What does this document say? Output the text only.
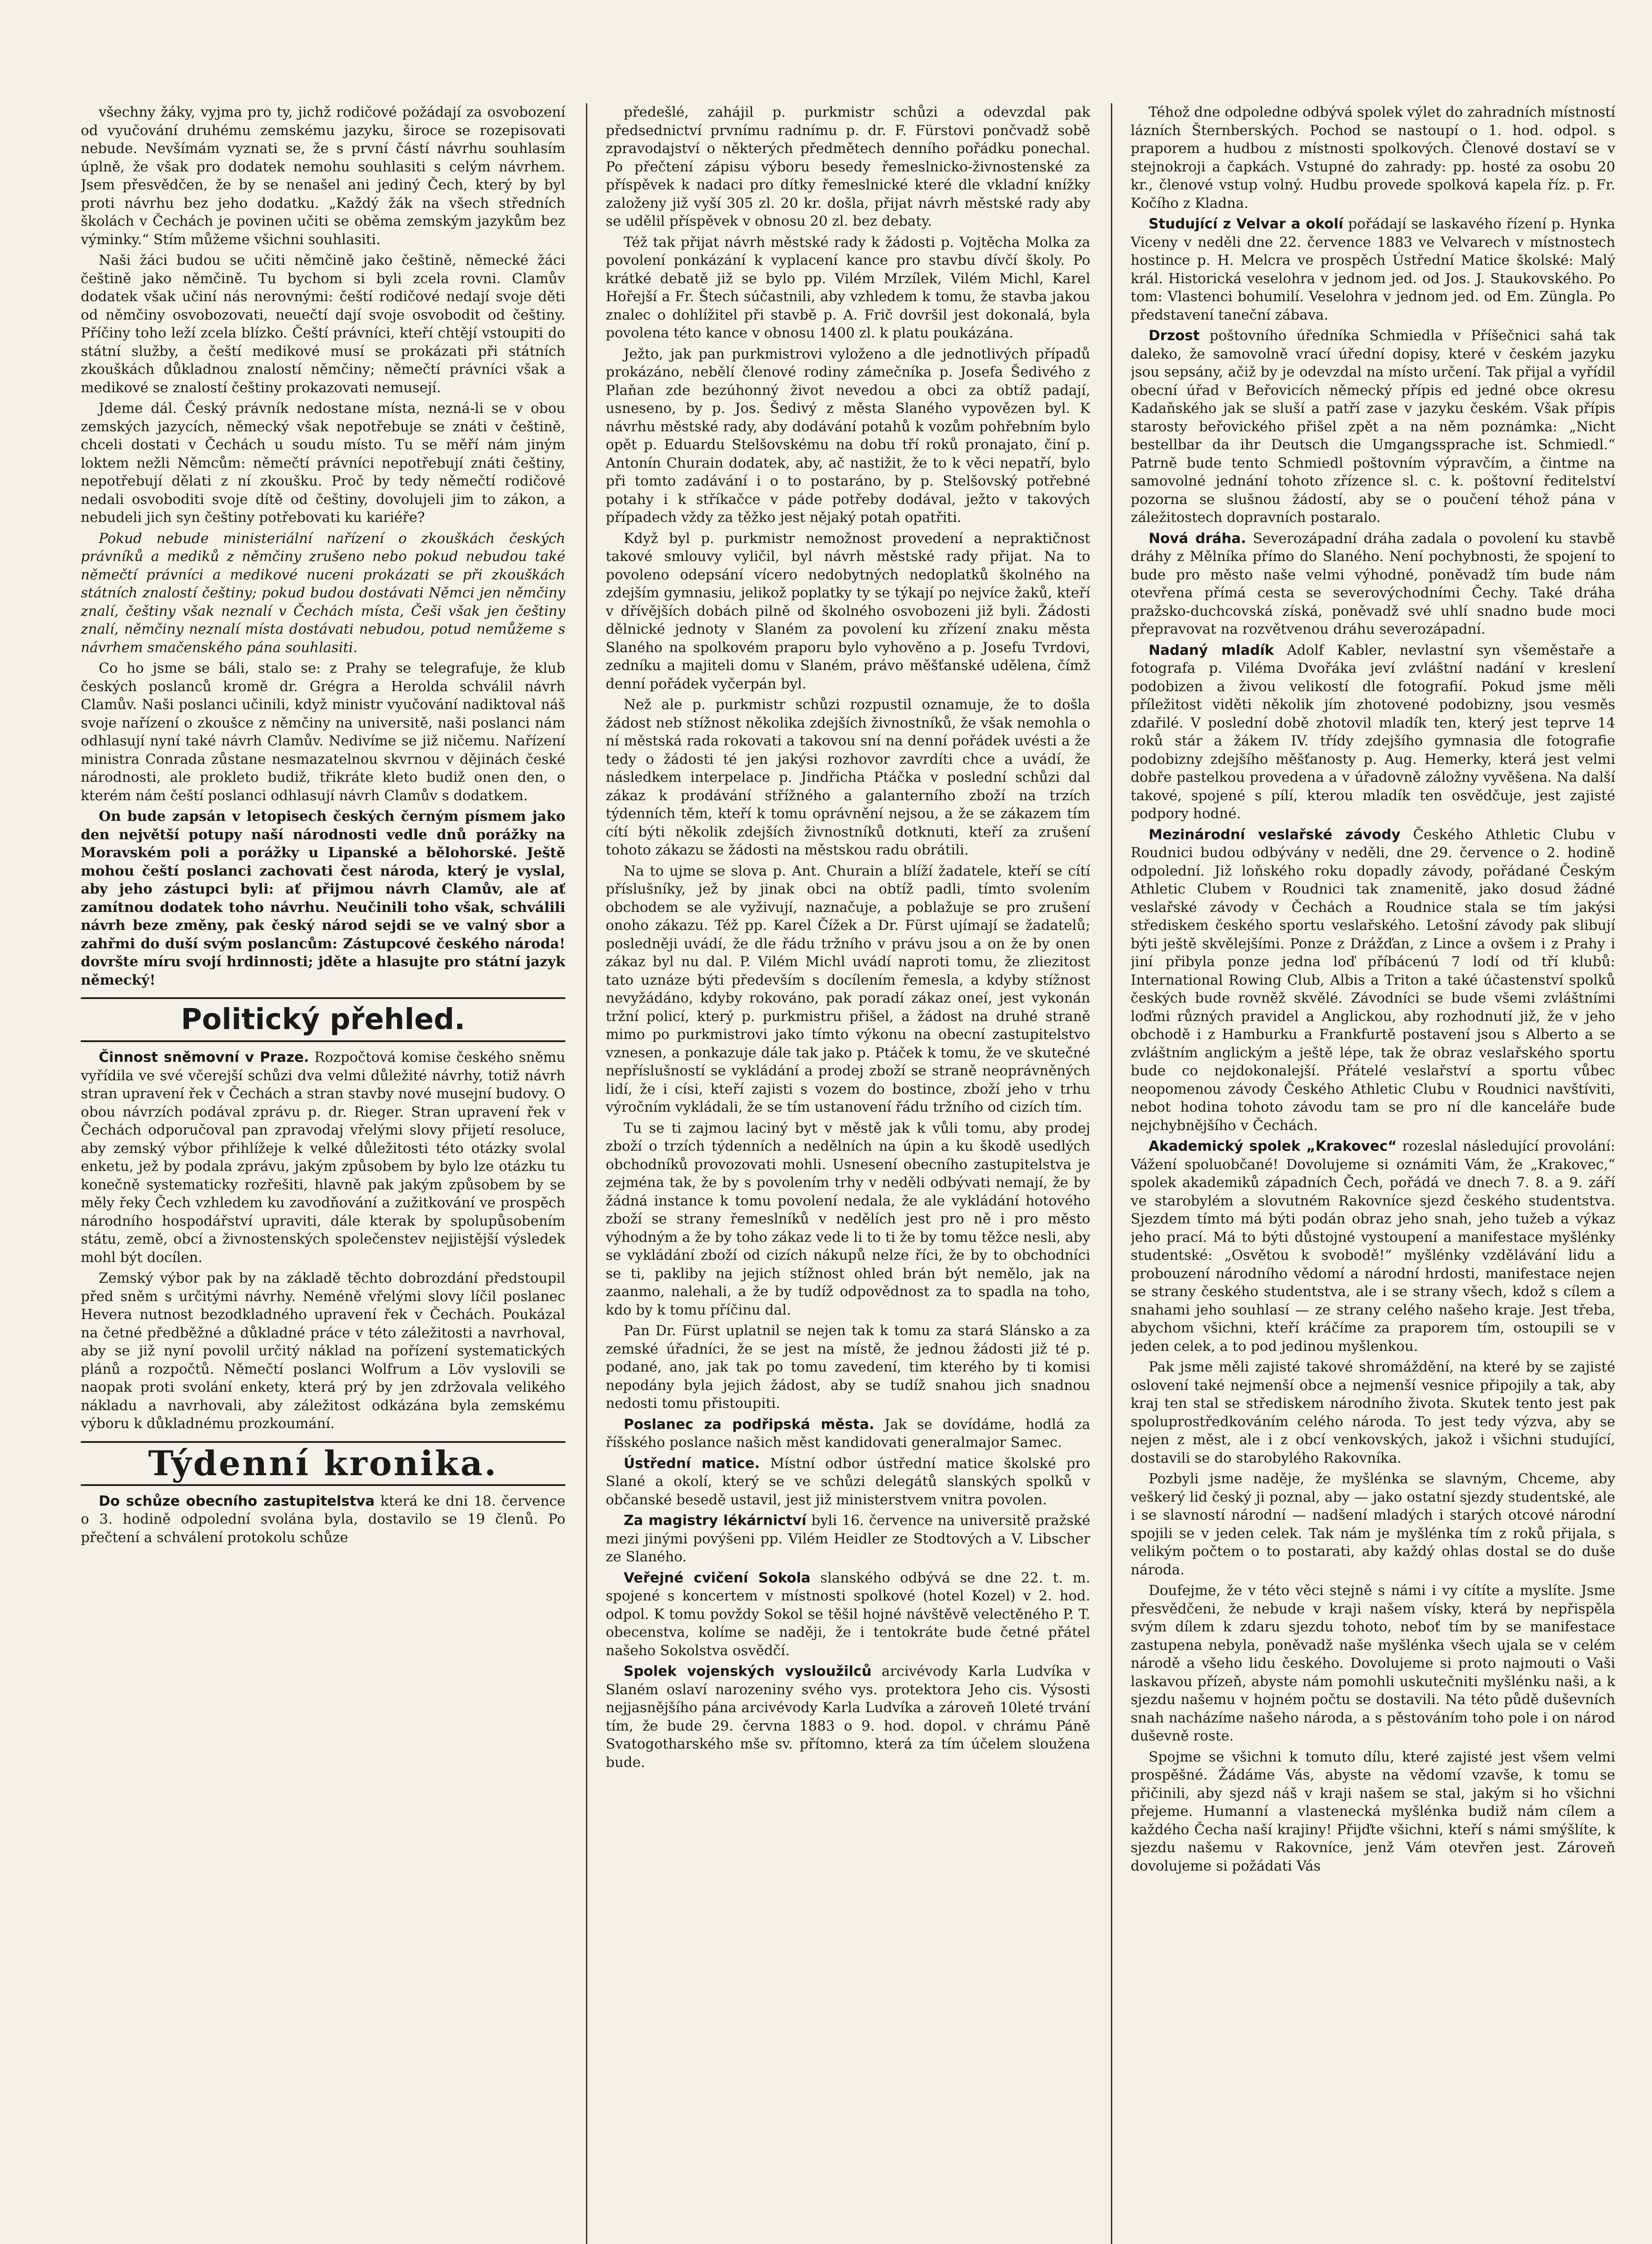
všechny žáky, vyjma pro ty, jichž rodičové požádají za osvobození od vyučování druhému zemskému jazyku, široce se rozepisovati nebude. Nevšímám vyznati se, že s první částí návrhu souhlasím úplně, že však pro dodatek nemohu souhlasiti s celým návrhem. Jsem přesvědčen, že by se nenašel ani jediný Čech, který by byl proti návrhu bez jeho dodatku. „Každý žák na všech středních školách v Čechách je povinen učiti se oběma zemským jazykům bez výminky.“ Stím můžeme všichni souhlasiti.

Naši žáci budou se učiti němčině jako češtině, německé žáci češtině jako němčině. Tu bychom si byli zcela rovni. Clamův dodatek však učiní nás nerovnými: čeští rodičové nedají svoje děti od němčiny osvobozovati, neuečtí dají svoje osvobodit od češtiny. Příčiny toho leží zcela blízko. Čeští právníci, kteří chtějí vstoupiti do státní služby, a čeští medikové musí se prokázati při státních zkouškách důkladnou znalostí němčiny; němečtí právníci však a medikové se znalostí češtiny prokazovati nemusejí.

Jdeme dál. Český právník nedostane místa, nezná-li se v obou zemských jazycích, německý však nepotřebuje se znáti v češtině, chceli dostati v Čechách u soudu místo. Tu se měří nám jiným loktem nežli Němcům: němečtí právníci nepotřebují znáti češtiny, nepotřebují dělati z ní zkoušku. Proč by tedy němečtí rodičové nedali osvoboditi svoje dítě od češtiny, dovolujeli jim to zákon, a nebudeli jich syn češtiny potřebovati ku kariéře?

Pokud nebude ministeriální nařízení o zkouškách českých právníků a mediků z němčiny zrušeno nebo pokud nebudou také němečtí právníci a medikové nuceni prokázati se při zkouškách státních znalostí češtiny; pokud budou dostávati Němci jen němčiny znalí, češtiny však neznalí v Čechách místa, Češi však jen češtiny znalí, němčiny neznalí místa dostávati nebudou, potud nemůžeme s návrhem smačenského pána souhlasiti.

Co ho jsme se báli, stalo se: z Prahy se telegrafuje, že klub českých poslanců kromě dr. Grégra a Herolda schválil návrh Clamův. Naši poslanci učinili, když ministr vyučování nadiktoval náš svoje nařízení o zkoušce z němčiny na universitě, naši poslanci nám odhlasují nyní také návrh Clamův. Nedivíme se již ničemu. Nařízení ministra Conrada zůstane nesmazatelnou skvrnou v dějinách české národnosti, ale prokleto budiž, třikráte kleto budiž onen den, o kterém nám čeští poslanci odhlasují návrh Clamův s dodatkem.

On bude zapsán v letopisech českých černým písmem jako den největší potupy naší národnosti vedle dnů porážky na Moravském poli a porážky u Lipanské a bělohorské. Ještě mohou čeští poslanci zachovati čest národa, který je vyslal, aby jeho zástupci byli: ať přijmou návrh Clamův, ale ať zamítnou dodatek toho návrhu. Neučinili toho však, schválili návrh beze změny, pak český národ sejdi se ve valný sbor a zahřmi do duší svým poslancům: Zástupcové českého národa! dovršte míru svojí hrdinnosti; jděte a hlasujte pro státní jazyk německý!

Politický přehled.

Činnost sněmovní v Praze. Rozpočtová komise českého sněmu vyřídila ve své včerejší schůzi dva velmi důležité návrhy, totiž návrh stran upravení řek v Čechách a stran stavby nové musejní budovy. O obou návrzích podával zprávu p. dr. Rieger. Stran upravení řek v Čechách odporučoval pan zpravodaj vřelými slovy přijetí resoluce, aby zemský výbor přihlížeje k velké důležitosti této otázky svolal enketu, jež by podala zprávu, jakým způsobem by bylo lze otázku tu konečně systematicky rozřešiti, hlavně pak jakým způsobem by se měly řeky Čech vzhledem ku zavodňování a zužitkování ve prospěch národního hospodářství upraviti, dále kterak by spolupůsobením státu, země, obcí a živnostenských společenstev nejjistější výsledek mohl být docílen.

Zemský výbor pak by na základě těchto dobrozdání předstoupil před sněm s určitými návrhy. Neméně vřelými slovy líčil poslanec Hevera nutnost bezodkladného upravení řek v Čechách. Poukázal na četné předběžné a důkladné práce v této záležitosti a navrhoval, aby se již nyní povolil určitý náklad na pořízení systematických plánů a rozpočtů. Němečtí poslanci Wolfrum a Löv vyslovili se naopak proti svolání enkety, která prý by jen zdržovala velikého nákladu a navrhovali, aby záležitost odkázána byla zemskému výboru k důkladnému prozkoumání.

Týdenní kronika.

Do schůze obecního zastupitelstva která ke dni 18. července o 3. hodině odpolední svolána byla, dostavilo se 19 členů. Po přečtení a schválení protokolu schůze

předešlé, zahájil p. purkmistr schůzi a odevzdal pak předsednictví prvnímu radnímu p. dr. F. Fürstovi pončvadž sobě zpravodajství o některých předmětech denního pořádku ponechal. Po přečtení zápisu výboru besedy řemeslnicko-živnostenské za příspěvek k nadaci pro dítky řemeslnické které dle vkladní knížky založeny již vyší 305 zl. 20 kr. došla, přijat návrh městské rady aby se udělil příspěvek v obnosu 20 zl. bez debaty.

Též tak přijat návrh městské rady k žádosti p. Vojtěcha Molka za povolení ponkázání k vyplacení kance pro stavbu dívčí školy. Po krátké debatě již se bylo pp. Vilém Mrzílek, Vilém Michl, Karel Hořejší a Fr. Štech súčastnili, aby vzhledem k tomu, že stavba jakou znalec o dohlížitel při stavbě p. A. Frič dovršil jest dokonalá, byla povolena této kance v obnosu 1400 zl. k platu poukázána.

Ježto, jak pan purkmistrovi vyloženo a dle jednotlivých případů prokázáno, nebělí členové rodiny zámečníka p. Josefa Šedivého z Plaňan zde bezúhonný život nevedou a obci za obtíž padají, usneseno, by p. Jos. Šedivý z města Slaného vypovězen byl. K návrhu městské rady, aby dodávání potahů k vozům pohřebním bylo opět p. Eduardu Stelšovskému na dobu tří roků pronajato, činí p. Antonín Churain dodatek, aby, ač nastižit, že to k věci nepatří, bylo při tomto zadávání i o to postaráno, by p. Stelšovský potřebné potahy i k stříkačce v páde potřeby dodával, ježto v takových případech vždy za těžko jest nějaký potah opatřiti.

Když byl p. purkmistr nemožnost provedení a nepraktičnost takové smlouvy vyličil, byl návrh městské rady přijat. Na to povoleno odepsání vícero nedobytných nedoplatků školného na zdejším gymnasiu, jelikož poplatky ty se týkají po nejvíce žaků, kteří v dřívějších dobách pilně od školného osvobozeni již byli. Žádosti dělnické jednoty v Slaném za povolení ku zřízení znaku města Slaného na spolkovém praporu bylo vyhověno a p. Josefu Tvrdovi, zedníku a majiteli domu v Slaném, právo měšťanské udělena, čímž denní pořádek vyčerpán byl.

Než ale p. purkmistr schůzi rozpustil oznamuje, že to došla žádost neb stížnost několika zdejších živnostníků, že však nemohla o ní městská rada rokovati a takovou sní na denní pořádek uvésti a že tedy o žádosti té jen jakýsi rozhovor zavrdíti chce a uvádí, že následkem interpelace p. Jindřicha Ptáčka v poslední schůzi dal zákaz k prodávání střížného a galanterního zboží na trzích týdenních těm, kteří k tomu oprávnění nejsou, a že se zákazem tím cítí býti několik zdejších živnostníků dotknuti, kteří za zrušení tohoto zákazu se žádosti na městskou radu obrátili.

Na to ujme se slova p. Ant. Churain a blíží žadatele, kteří se cítí příslušníky, jež by jinak obci na obtíž padli, tímto svolením obchodem se ale vyživují, naznačuje, a poblažuje se pro zrušení onoho zákazu. Též pp. Karel Čížek a Dr. Fürst ujímají se žadatelů; posledněji uvádí, že dle řádu tržního v právu jsou a on že by onen zákaz byl nu dal. P. Vilém Michl uvádí naproti tomu, že zliezitost tato uznáze býti především s docílením řemesla, a kdyby stížnost nevyžádáno, kdyby rokováno, pak poradí zákaz oneí, jest vykonán tržní policí, který p. purkmistru přišel, a žádost na druhé straně mimo po purkmistrovi jako tímto výkonu na obecní zastupitelstvo vznesen, a ponkazuje dále tak jako p. Ptáček k tomu, že ve skutečné nepříslušností se vykládání a prodej zboží se straně neoprávněných lidí, že i císi, kteří zajisti s vozem do bostince, zboží jeho v trhu výročním vykládali, že se tím ustanovení řádu tržního od cizích tím.

Tu se ti zajmou laciný byt v městě jak k vůli tomu, aby prodej zboží o trzích týdenních a nedělních na úpin a ku škodě usedlých obchodníků provozovati mohli. Usnesení obecního zastupitelstva je zejména tak, že by s povolením trhy v neděli odbývati nemají, že by žádná instance k tomu povolení nedala, že ale vykládání hotového zboží se strany řemeslníků v nedělích jest pro ně i pro město výhodným a že by toho zákaz vede li to ti že by tomu těžce nesli, aby se vykládání zboží od cizích nákupů nelze říci, že by to obchodníci se ti, pakliby na jejich stížnost ohled brán být nemělo, jak na zaanmo, nalehali, a že by tudíž odpovědnost za to spadla na toho, kdo by k tomu příčinu dal.

Pan Dr. Fürst uplatnil se nejen tak k tomu za stará Slánsko a za zemské úřadníci, že se jest na místě, že jednou žádosti již té p. podané, ano, jak tak po tomu zavedení, tim kterého by ti komisi nepodány byla jejich žádost, aby se tudíž snahou jich snadnou nedosti tomu přistoupiti.

Poslanec za podřipská města. Jak se dovídáme, hodlá za říšského poslance našich měst kandidovati generalmajor Samec.

Ústřední matice. Místní odbor ústřední matice školské pro Slané a okolí, který se ve schůzi delegátů slanských spolků v občanské besedě ustavil, jest již ministerstvem vnitra povolen.

Za magistry lékárnictví byli 16. července na universitě pražské mezi jinými povýšeni pp. Vilém Heidler ze Stodtových a V. Libscher ze Slaného.

Veřejné cvičení Sokola slanského odbývá se dne 22. t. m. spojené s koncertem v místnosti spolkové (hotel Kozel) v 2. hod. odpol. K tomu povždy Sokol se těšil hojné návštěvě velectěného P. T. obecenstva, kolíme se naději, že i tentokráte bude četné přátel našeho Sokolstva osvědčí.

Spolek vojenských vysloužilců arcivévody Karla Ludvíka v Slaném oslaví narozeniny svého vys. protektora Jeho cis. Výsosti nejjasnějšího pána arcivévody Karla Ludvíka a zároveň 10leté trvání tím, že bude 29. června 1883 o 9. hod. dopol. v chrámu Páně Svatogotharského mše sv. přítomno, která za tím účelem sloužena bude.

Téhož dne odpoledne odbývá spolek výlet do zahradních místností lázních Šternberských. Pochod se nastoupí o 1. hod. odpol. s praporem a hudbou z místnosti spolkových. Členové dostaví se v stejnokroji a čapkách. Vstupné do zahrady: pp. hosté za osobu 20 kr., členové vstup volný. Hudbu provede spolková kapela říz. p. Fr. Kočího z Kladna.

Studující z Velvar a okolí pořádají se laskavého řízení p. Hynka Viceny v neděli dne 22. července 1883 ve Velvarech v místnostech hostince p. H. Melcra ve prospěch Ústřední Matice školské: Malý král. Historická veselohra v jednom jed. od Jos. J. Staukovského. Po tom: Vlastenci bohumilí. Veselohra v jednom jed. od Em. Züngla. Po představení taneční zábava.

Drzost poštovního úředníka Schmiedla v Příšečnici sahá tak daleko, že samovolně vrací úřední dopisy, které v českém jazyku jsou sepsány, ačiž by je odevzdal na místo určení. Tak přijal a vyřídil obecní úřad v Beřovicích německý přípis ed jedné obce okresu Kadaňského jak se sluší a patří zase v jazyku českém. Však přípis starosty beřovického přišel zpět a na něm poznámka: „Nicht bestellbar da ihr Deutsch die Umgangssprache ist. Schmiedl.“ Patrně bude tento Schmiedl poštovním výpravčím, a čintme na samovolné jednání tohoto zřízence sl. c. k. poštovní ředitelství pozorna se slušnou žádostí, aby se o poučení téhož pána v záležitostech dopravních postaralo.

Nová dráha. Severozápadní dráha zadala o povolení ku stavbě dráhy z Mělníka přímo do Slaného. Není pochybnosti, že spojení to bude pro město naše velmi výhodné, poněvadž tím bude nám otevřena přímá cesta se severovýchodními Čechy. Také dráha pražsko-duchcovská získá, poněvadž své uhlí snadno bude moci přepravovat na rozvětvenou dráhu severozápadní.

Nadaný mladík Adolf Kabler, nevlastní syn všeměstaře a fotografa p. Viléma Dvořáka jeví zvláštní nadání v kreslení podobizen a živou velikostí dle fotografií. Pokud jsme měli příležitost viděti několik jím zhotovené podobizny, jsou vesměs zdařilé. V poslední době zhotovil mladík ten, který jest teprve 14 roků stár a žákem IV. třídy zdejšího gymnasia dle fotografie podobizny zdejšího měšťanosty p. Aug. Hemerky, která jest velmi dobře pastelkou provedena a v úřadovně záložny vyvěšena. Na další takové, spojené s pílí, kterou mladík ten osvědčuje, jest zajisté podpory hodné.

Mezinárodní veslařské závody Českého Athletic Clubu v Roudnici budou odbývány v neděli, dne 29. července o 2. hodině odpolední. Již loňského roku dopadly závody, pořádané Českým Athletic Clubem v Roudnici tak znamenitě, jako dosud žádné veslařské závody v Čechách a Roudnice stala se tím jakýsi střediskem českého sportu veslařského. Letošní závody pak slibují býti ještě skvělejšími. Ponze z Drážďan, z Lince a ovšem i z Prahy i jiní přibyla ponze jedna loď příbácenú 7 lodí od tří klubů: International Rowing Club, Albis a Triton a také účastenství spolků českých bude rovněž skvělé. Závodníci se bude všemi zvláštními loďmi různých pravidel a Anglickou, aby rozhodnutí již, že v jeho obchodě i z Hamburku a Frankfurtě postavení jsou s Alberto a se zvláštním anglickým a ještě lépe, tak že obraz veslařského sportu bude co nejdokonalejší. Přátelé veslařství a sportu vůbec neopomenou závody Českého Athletic Clubu v Roudnici navštíviti, nebot hodina tohoto závodu tam se pro ní dle kanceláře bude nejchybnějšího v Čechách.

Akademický spolek „Krakovec“ rozeslal následující provolání: Vážení spoluobčané! Dovolujeme si oznámiti Vám, že „Krakovec,“ spolek akademiků západních Čech, pořádá ve dnech 7. 8. a 9. září ve starobylém a slovutném Rakovníce sjezd českého studentstva. Sjezdem tímto má býti podán obraz jeho snah, jeho tužeb a výkaz jeho prací. Má to býti důstojné vystoupení a manifestace myšlénky studentské: „Osvětou k svobodě!“ myšlénky vzdělávání lidu a probouzení národního vědomí a národní hrdosti, manifestace nejen se strany českého studentstva, ale i se strany všech, kdož s cílem a snahami jeho souhlasí — ze strany celého našeho kraje. Jest třeba, abychom všichni, kteří kráčíme za praporem tím, ostoupili se v jeden celek, a to pod jedinou myšlenkou.

Pak jsme měli zajisté takové shromáždění, na které by se zajisté oslovení také nejmenší obce a nejmenší vesnice připojily a tak, aby kraj ten stal se střediskem národního života. Skutek tento jest pak spoluprostředkováním celého národa. To jest tedy výzva, aby se nejen z měst, ale i z obcí venkovských, jakož i všichni studující, dostavili se do starobylého Rakovníka.

Pozbyli jsme naděje, že myšlénka se slavným, Chceme, aby veškerý lid český ji poznal, aby — jako ostatní sjezdy studentské, ale i se slavností národní — nadšení mladých i starých otcové národní spojili se v jeden celek. Tak nám je myšlénka tím z roků přijala, s velikým počtem o to postarati, aby každý ohlas dostal se do duše národa.

Doufejme, že v této věci stejně s námi i vy cítíte a myslíte. Jsme přesvědčeni, že nebude v kraji našem vísky, která by nepřispěla svým dílem k zdaru sjezdu tohoto, neboť tím by se manifestace zastupena nebyla, poněvadž naše myšlénka všech ujala se v celém národě a všeho lidu českého. Dovolujeme si proto najmouti o Vaši laskavou přízeň, abyste nám pomohli uskutečniti myšlénku naši, a k sjezdu našemu v hojném počtu se dostavili. Na této půdě duševních snah nacházíme našeho národa, a s pěstováním toho pole i on národ duševně roste.

Spojme se všichni k tomuto dílu, které zajisté jest všem velmi prospěšné. Žádáme Vás, abyste na vědomí vzavše, k tomu se přičinili, aby sjezd náš v kraji našem se stal, jakým si ho všichni přejeme. Humanní a vlastenecká myšlénka budiž nám cílem a každého Čecha naší krajiny! Přijďte všichni, kteří s námi smýšlíte, k sjezdu našemu v Rakovníce, jenž Vám otevřen jest. Zároveň dovolujeme si požádati Vás
